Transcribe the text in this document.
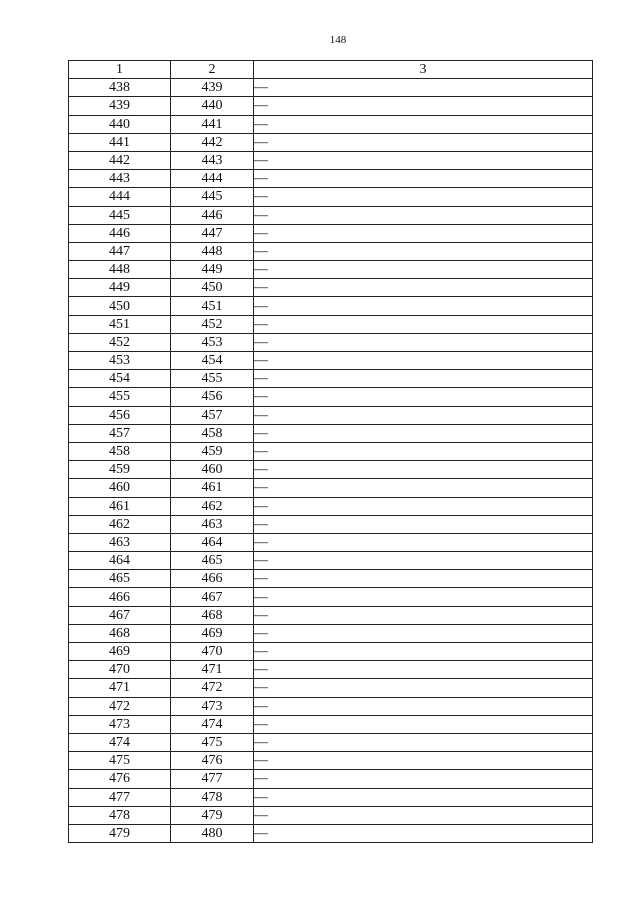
148
1	2	3
438	439	—
439	440	—
440	441	—
441	442	—
442	443	—
443	444	—
444	445	—
445	446	—
446	447	—
447	448	—
448	449	—
449	450	—
450	451	—
451	452	—
452	453	—
453	454	—
454	455	—
455	456	—
456	457	—
457	458	—
458	459	—
459	460	—
460	461	—
461	462	—
462	463	—
463	464	—
464	465	—
465	466	—
466	467	—
467	468	—
468	469	—
469	470	—
470	471	—
471	472	—
472	473	—
473	474	—
474	475	—
475	476	—
476	477	—
477	478	—
478	479	—
479	480	—
